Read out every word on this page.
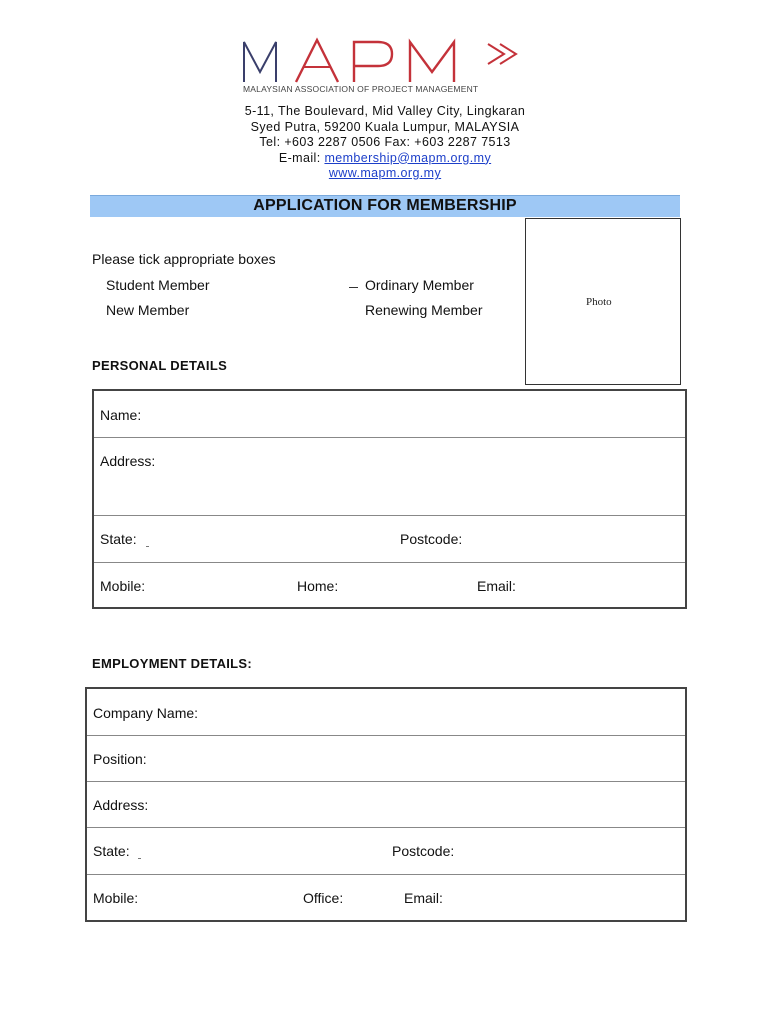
MALAYSIAN ASSOCIATION OF PROJECT MANAGEMENT
5-11, The Boulevard, Mid Valley City, Lingkaran
Syed Putra, 59200 Kuala Lumpur, MALAYSIA
Tel: +603 2287 0506 Fax: +603 2287 7513
E-mail: membership@mapm.org.my
www.mapm.org.my
APPLICATION FOR MEMBERSHIP
Photo
Please tick appropriate boxes
Student Member	Ordinary Member
New Member	Renewing Member
PERSONAL DETAILS
Name:
Address:
State:	Postcode:
Mobile:	Home:	Email:
EMPLOYMENT DETAILS:
Company Name:
Position:
Address:
State:	Postcode:
Mobile:	Office:	Email:
